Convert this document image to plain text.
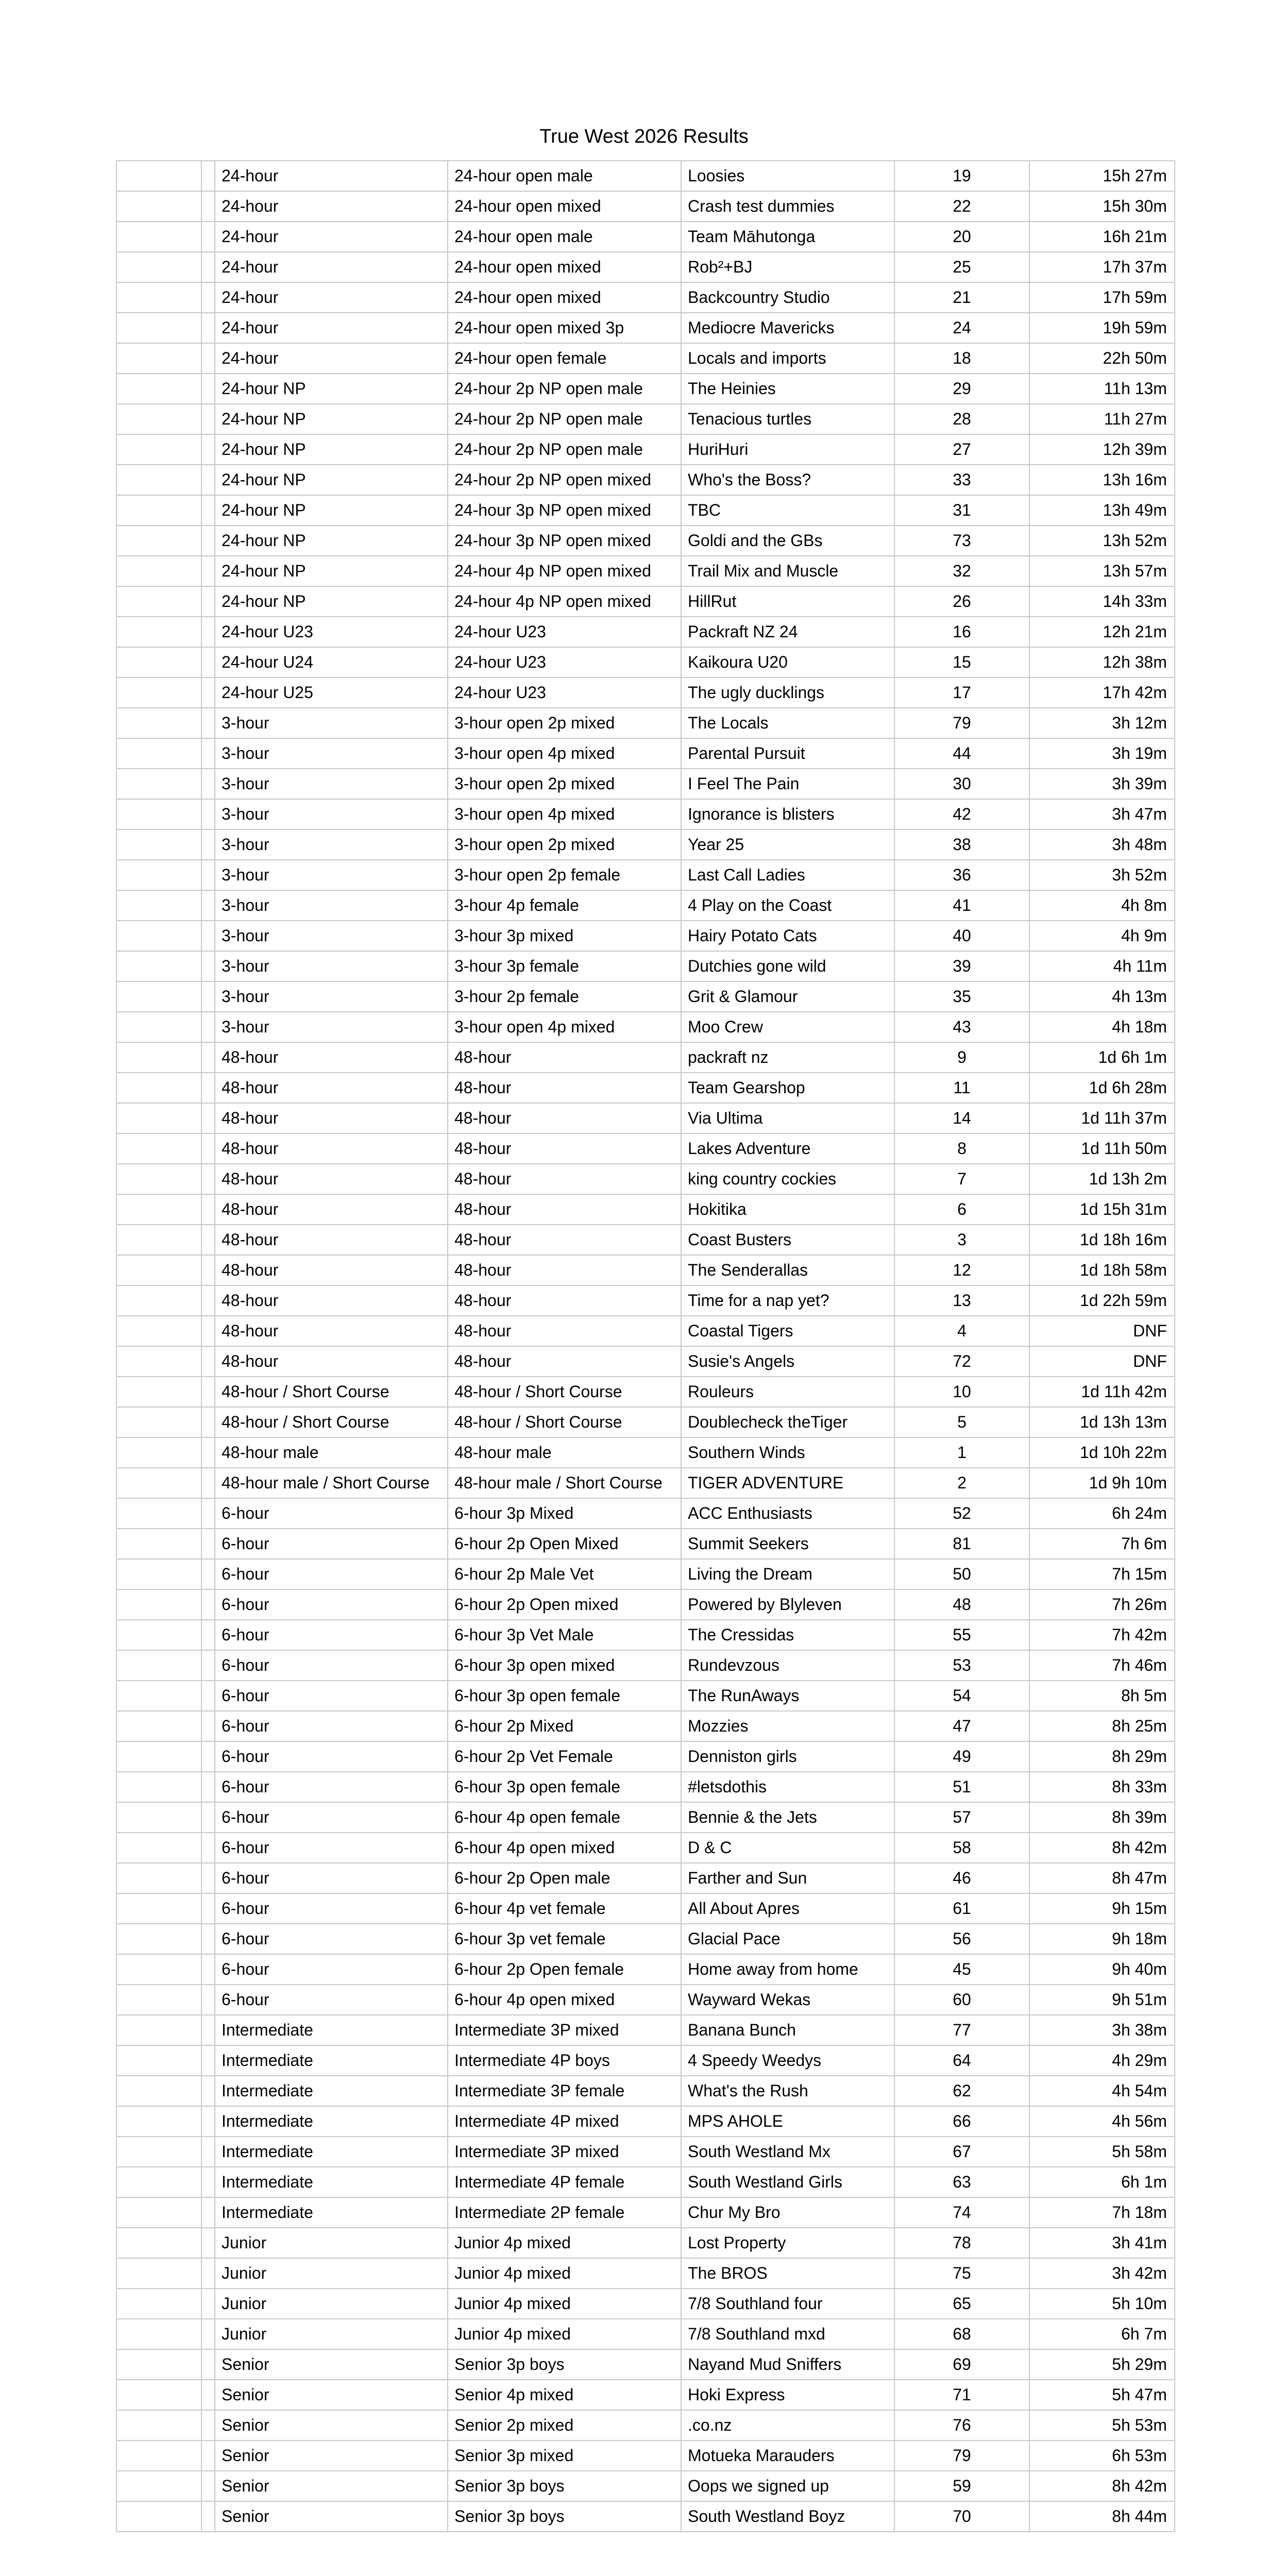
True West 2026 Results
		24-hour	24-hour open male	Loosies	19	15h 27m
		24-hour	24-hour open mixed	Crash test dummies	22	15h 30m
		24-hour	24-hour open male	Team Māhutonga	20	16h 21m
		24-hour	24-hour open mixed	Rob²+BJ	25	17h 37m
		24-hour	24-hour open mixed	Backcountry Studio	21	17h 59m
		24-hour	24-hour open mixed 3p	Mediocre Mavericks	24	19h 59m
		24-hour	24-hour open female	Locals and imports	18	22h 50m
		24-hour NP	24-hour 2p NP open male	The Heinies	29	11h 13m
		24-hour NP	24-hour 2p NP open male	Tenacious turtles	28	11h 27m
		24-hour NP	24-hour 2p NP open male	HuriHuri	27	12h 39m
		24-hour NP	24-hour 2p NP open mixed	Who's the Boss?	33	13h 16m
		24-hour NP	24-hour 3p NP open mixed	TBC	31	13h 49m
		24-hour NP	24-hour 3p NP open mixed	Goldi and the GBs	73	13h 52m
		24-hour NP	24-hour 4p NP open mixed	Trail Mix and Muscle	32	13h 57m
		24-hour NP	24-hour 4p NP open mixed	HillRut	26	14h 33m
		24-hour U23	24-hour U23	Packraft NZ 24	16	12h 21m
		24-hour U24	24-hour U23	Kaikoura U20	15	12h 38m
		24-hour U25	24-hour U23	The ugly ducklings	17	17h 42m
		3-hour	3-hour open 2p mixed	The Locals	79	3h 12m
		3-hour	3-hour open 4p mixed	Parental Pursuit	44	3h 19m
		3-hour	3-hour open 2p mixed	I Feel The Pain	30	3h 39m
		3-hour	3-hour open 4p mixed	Ignorance is blisters	42	3h 47m
		3-hour	3-hour open 2p mixed	Year 25	38	3h 48m
		3-hour	3-hour open 2p female	Last Call Ladies	36	3h 52m
		3-hour	3-hour 4p female	4 Play on the Coast	41	4h 8m
		3-hour	3-hour 3p mixed	Hairy Potato Cats	40	4h 9m
		3-hour	3-hour 3p female	Dutchies gone wild	39	4h 11m
		3-hour	3-hour 2p female	Grit & Glamour	35	4h 13m
		3-hour	3-hour open 4p mixed	Moo Crew	43	4h 18m
		48-hour	48-hour	packraft nz	9	1d 6h 1m
		48-hour	48-hour	Team Gearshop	11	1d 6h 28m
		48-hour	48-hour	Via Ultima	14	1d 11h 37m
		48-hour	48-hour	Lakes Adventure	8	1d 11h 50m
		48-hour	48-hour	king country cockies	7	1d 13h 2m
		48-hour	48-hour	Hokitika	6	1d 15h 31m
		48-hour	48-hour	Coast Busters	3	1d 18h 16m
		48-hour	48-hour	The Senderallas	12	1d 18h 58m
		48-hour	48-hour	Time for a nap yet?	13	1d 22h 59m
		48-hour	48-hour	Coastal Tigers	4	DNF
		48-hour	48-hour	Susie's Angels	72	DNF
		48-hour / Short Course	48-hour / Short Course	Rouleurs	10	1d 11h 42m
		48-hour / Short Course	48-hour / Short Course	Doublecheck theTiger	5	1d 13h 13m
		48-hour male	48-hour male	Southern Winds	1	1d 10h 22m
		48-hour male / Short Course	48-hour male / Short Course	TIGER ADVENTURE	2	1d 9h 10m
		6-hour	6-hour 3p Mixed	ACC Enthusiasts	52	6h 24m
		6-hour	6-hour 2p Open Mixed	Summit Seekers	81	7h 6m
		6-hour	6-hour 2p Male Vet	Living the Dream	50	7h 15m
		6-hour	6-hour 2p Open mixed	Powered by Blyleven	48	7h 26m
		6-hour	6-hour 3p Vet Male	The Cressidas	55	7h 42m
		6-hour	6-hour 3p open mixed	Rundevzous	53	7h 46m
		6-hour	6-hour 3p open female	The RunAways	54	8h 5m
		6-hour	6-hour 2p Mixed	Mozzies	47	8h 25m
		6-hour	6-hour 2p Vet Female	Denniston girls	49	8h 29m
		6-hour	6-hour 3p open female	#letsdothis	51	8h 33m
		6-hour	6-hour 4p open female	Bennie & the Jets	57	8h 39m
		6-hour	6-hour 4p open mixed	D & C	58	8h 42m
		6-hour	6-hour 2p Open male	Farther and Sun	46	8h 47m
		6-hour	6-hour 4p vet female	All About Apres	61	9h 15m
		6-hour	6-hour 3p vet female	Glacial Pace	56	9h 18m
		6-hour	6-hour 2p Open female	Home away from home	45	9h 40m
		6-hour	6-hour 4p open mixed	Wayward Wekas	60	9h 51m
		Intermediate	Intermediate 3P mixed	Banana Bunch	77	3h 38m
		Intermediate	Intermediate 4P boys	4 Speedy Weedys	64	4h 29m
		Intermediate	Intermediate 3P female	What's the Rush	62	4h 54m
		Intermediate	Intermediate 4P mixed	MPS AHOLE	66	4h 56m
		Intermediate	Intermediate 3P mixed	South Westland Mx	67	5h 58m
		Intermediate	Intermediate 4P female	South Westland Girls	63	6h 1m
		Intermediate	Intermediate 2P female	Chur My Bro	74	7h 18m
		Junior	Junior 4p mixed	Lost Property	78	3h 41m
		Junior	Junior 4p mixed	The BROS	75	3h 42m
		Junior	Junior 4p mixed	7/8 Southland four	65	5h 10m
		Junior	Junior 4p mixed	7/8 Southland mxd	68	6h 7m
		Senior	Senior 3p boys	Nayand Mud Sniffers	69	5h 29m
		Senior	Senior 4p mixed	Hoki Express	71	5h 47m
		Senior	Senior 2p mixed	.co.nz	76	5h 53m
		Senior	Senior 3p mixed	Motueka Marauders	79	6h 53m
		Senior	Senior 3p boys	Oops we signed up	59	8h 42m
		Senior	Senior 3p boys	South Westland Boyz	70	8h 44m
